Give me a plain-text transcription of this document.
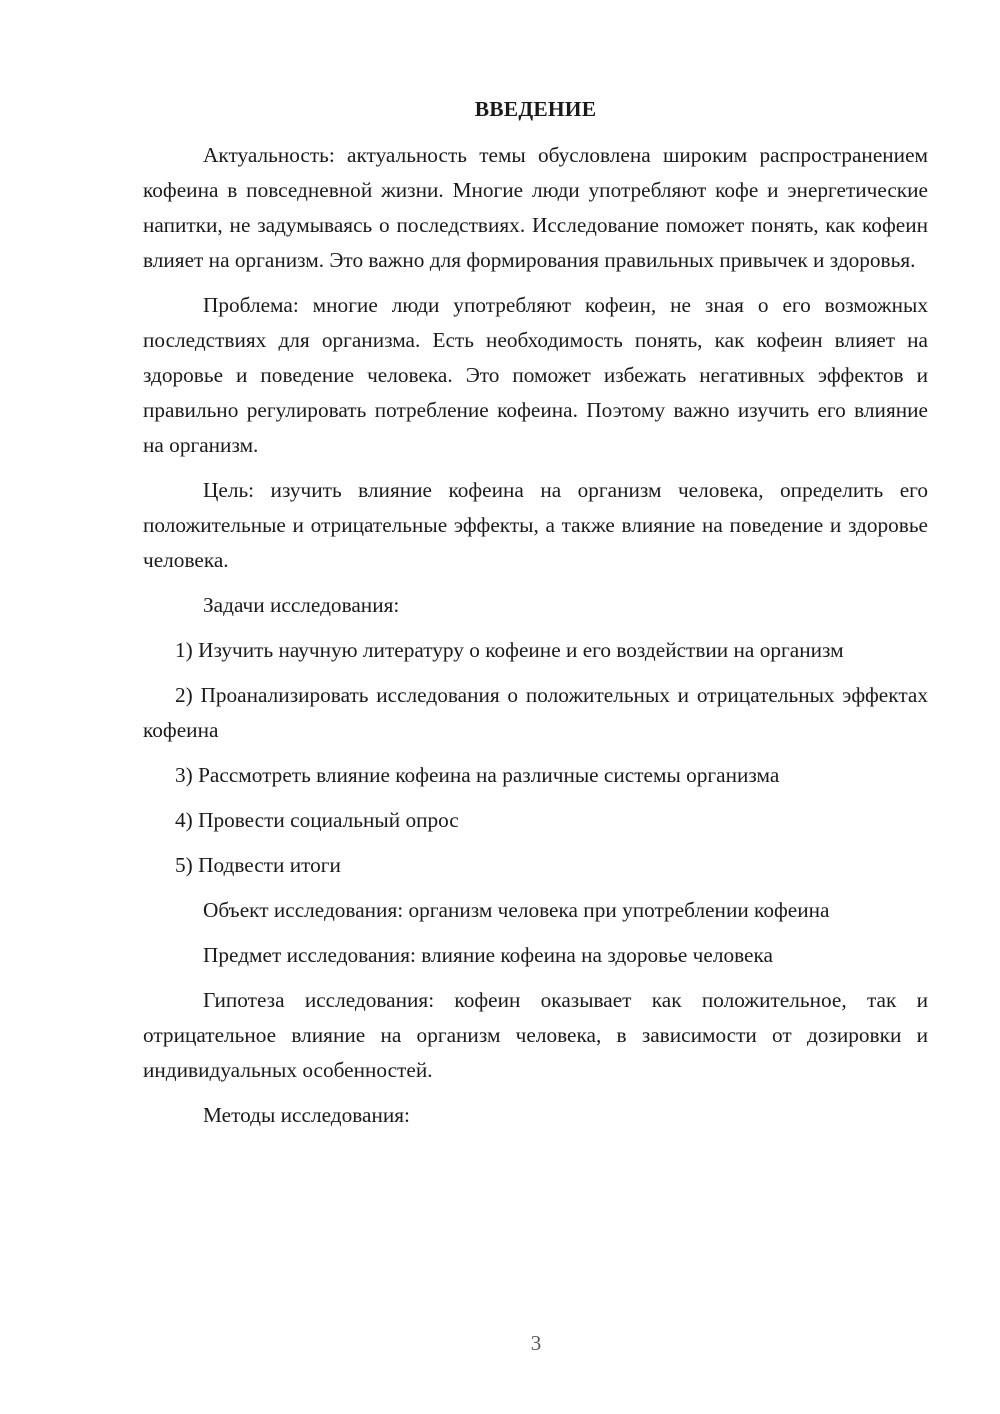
ВВЕДЕНИЕ
Актуальность: актуальность темы обусловлена широким распространением кофеина в повседневной жизни. Многие люди употребляют кофе и энергетические напитки, не задумываясь о последствиях. Исследование поможет понять, как кофеин влияет на организм. Это важно для формирования правильных привычек и здоровья.
Проблема: многие люди употребляют кофеин, не зная о его возможных последствиях для организма. Есть необходимость понять, как кофеин влияет на здоровье и поведение человека. Это поможет избежать негативных эффектов и правильно регулировать потребление кофеина. Поэтому важно изучить его влияние на организм.
Цель: изучить влияние кофеина на организм человека, определить его положительные и отрицательные эффекты, а также влияние на поведение и здоровье человека.
Задачи исследования:
1) Изучить научную литературу о кофеине и его воздействии на организм
2) Проанализировать исследования о положительных и отрицательных эффектах кофеина
3) Рассмотреть влияние кофеина на различные системы организма
4) Провести социальный опрос
5) Подвести итоги
Объект исследования: организм человека при употреблении кофеина
Предмет исследования: влияние кофеина на здоровье человека
Гипотеза исследования: кофеин оказывает как положительное, так и отрицательное влияние на организм человека, в зависимости от дозировки и индивидуальных особенностей.
Методы исследования:
3
